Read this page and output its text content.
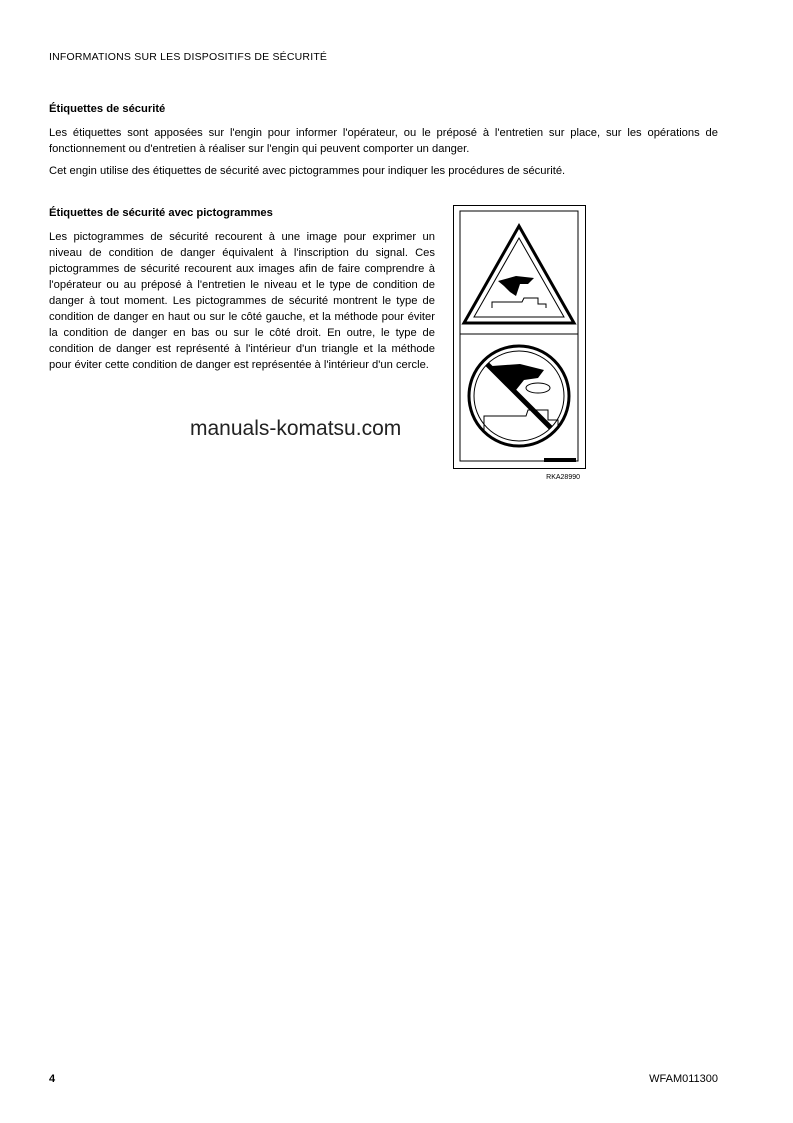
INFORMATIONS SUR LES DISPOSITIFS DE SÉCURITÉ
Étiquettes de sécurité

Les étiquettes sont apposées sur l'engin pour informer l'opérateur, ou le préposé à l'entretien sur place, sur les opérations de fonctionnement ou d'entretien à réaliser sur l'engin qui peuvent comporter un danger.

Cet engin utilise des étiquettes de sécurité avec pictogrammes pour indiquer les procédures de sécurité.

Étiquettes de sécurité avec pictogrammes

Les pictogrammes de sécurité recourent à une image pour exprimer un niveau de condition de danger équivalent à l'inscription du signal. Ces pictogrammes de sécurité recourent aux images afin de faire comprendre à l'opérateur ou au préposé à l'entretien le niveau et le type de condition de danger à tout moment. Les pictogrammes de sécurité montrent le type de condition de danger en haut ou sur le côté gauche, et la méthode pour éviter la condition de danger en bas ou sur le côté droit. En outre, le type de condition de danger est représenté à l'intérieur d'un triangle et la méthode pour éviter cette condition de danger est représentée à l'intérieur d'un cercle.

RKA28990
manuals-komatsu.com
4	WFAM011300
